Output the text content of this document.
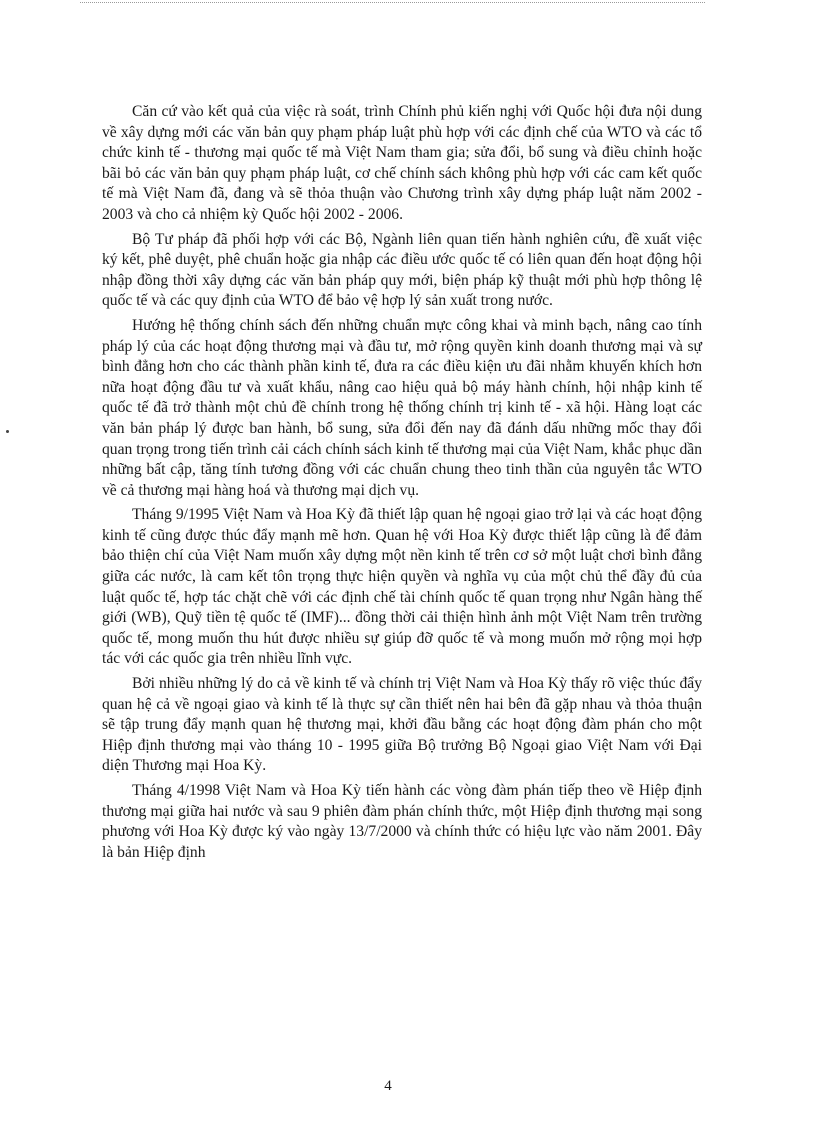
Căn cứ vào kết quả của việc rà soát, trình Chính phủ kiến nghị với Quốc hội đưa nội dung về xây dựng mới các văn bản quy phạm pháp luật phù hợp với các định chế của WTO và các tổ chức kinh tế - thương mại quốc tế mà Việt Nam tham gia; sửa đổi, bổ sung và điều chỉnh hoặc bãi bỏ các văn bản quy phạm pháp luật, cơ chế chính sách không phù hợp với các cam kết quốc tế mà Việt Nam đã, đang và sẽ thỏa thuận vào Chương trình xây dựng pháp luật năm 2002 - 2003 và cho cả nhiệm kỳ Quốc hội 2002 - 2006.

Bộ Tư pháp đã phối hợp với các Bộ, Ngành liên quan tiến hành nghiên cứu, đề xuất việc ký kết, phê duyệt, phê chuẩn hoặc gia nhập các điều ước quốc tế có liên quan đến hoạt động hội nhập đồng thời xây dựng các văn bản pháp quy mới, biện pháp kỹ thuật mới phù hợp thông lệ quốc tế và các quy định của WTO để bảo vệ hợp lý sản xuất trong nước.

Hướng hệ thống chính sách đến những chuẩn mực công khai và minh bạch, nâng cao tính pháp lý của các hoạt động thương mại và đầu tư, mở rộng quyền kinh doanh thương mại và sự bình đẳng hơn cho các thành phần kinh tế, đưa ra các điều kiện ưu đãi nhằm khuyến khích hơn nữa hoạt động đầu tư và xuất khẩu, nâng cao hiệu quả bộ máy hành chính, hội nhập kinh tế quốc tế đã trở thành một chủ đề chính trong hệ thống chính trị kinh tế - xã hội. Hàng loạt các văn bản pháp lý được ban hành, bổ sung, sửa đổi đến nay đã đánh dấu những mốc thay đổi quan trọng trong tiến trình cải cách chính sách kinh tế thương mại của Việt Nam, khắc phục dần những bất cập, tăng tính tương đồng với các chuẩn chung theo tinh thần của nguyên tắc WTO về cả thương mại hàng hoá và thương mại dịch vụ.

Tháng 9/1995 Việt Nam và Hoa Kỳ đã thiết lập quan hệ ngoại giao trở lại và các hoạt động kinh tế cũng được thúc đẩy mạnh mẽ hơn. Quan hệ với Hoa Kỳ được thiết lập cũng là để đảm bảo thiện chí của Việt Nam muốn xây dựng một nền kinh tế trên cơ sở một luật chơi bình đẳng giữa các nước, là cam kết tôn trọng thực hiện quyền và nghĩa vụ của một chủ thể đầy đủ của luật quốc tế, hợp tác chặt chẽ với các định chế tài chính quốc tế quan trọng như Ngân hàng thế giới (WB), Quỹ tiền tệ quốc tế (IMF)... đồng thời cải thiện hình ảnh một Việt Nam trên trường quốc tế, mong muốn thu hút được nhiều sự giúp đỡ quốc tế và mong muốn mở rộng mọi hợp tác với các quốc gia trên nhiều lĩnh vực.

Bởi nhiều những lý do cả về kinh tế và chính trị Việt Nam và Hoa Kỳ thấy rõ việc thúc đẩy quan hệ cả về ngoại giao và kinh tế là thực sự cần thiết nên hai bên đã gặp nhau và thỏa thuận sẽ tập trung đẩy mạnh quan hệ thương mại, khởi đầu bằng các hoạt động đàm phán cho một Hiệp định thương mại vào tháng 10 - 1995 giữa Bộ trưởng Bộ Ngoại giao Việt Nam với Đại diện Thương mại Hoa Kỳ.

Tháng 4/1998 Việt Nam và Hoa Kỳ tiến hành các vòng đàm phán tiếp theo về Hiệp định thương mại giữa hai nước và sau 9 phiên đàm phán chính thức, một Hiệp định thương mại song phương với Hoa Kỳ được ký vào ngày 13/7/2000 và chính thức có hiệu lực vào năm 2001. Đây là bản Hiệp định

4
